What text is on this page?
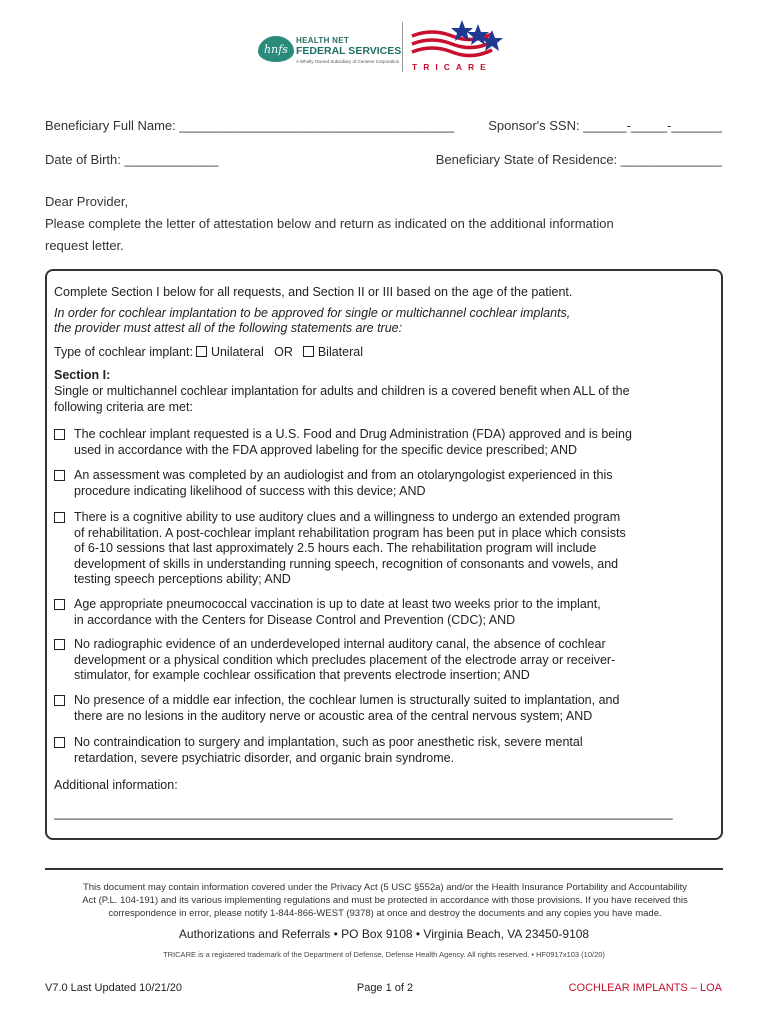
hnfs
HEALTH NET
FEDERAL SERVICES
A Wholly Owned Subsidiary of Centene Corporation
TRICARE
Beneficiary Full Name: ______________________________________	Sponsor's SSN: ______-_____-_______
Date of Birth: _____________	Beneficiary State of Residence: ______________
Dear Provider,
Please complete the letter of attestation below and return as indicated on the additional information
request letter.
Complete Section I below for all requests, and Section II or III based on the age of the patient.
In order for cochlear implantation to be approved for single or multichannel cochlear implants,
the provider must attest all of the following statements are true:
Type of cochlear implant: Unilateral OR Bilateral
Section I:
Single or multichannel cochlear implantation for adults and children is a covered benefit when ALL of the
following criteria are met:
The cochlear implant requested is a U.S. Food and Drug Administration (FDA) approved and is being
used in accordance with the FDA approved labeling for the specific device prescribed; AND
An assessment was completed by an audiologist and from an otolaryngologist experienced in this
procedure indicating likelihood of success with this device; AND
There is a cognitive ability to use auditory clues and a willingness to undergo an extended program
of rehabilitation. A post-cochlear implant rehabilitation program has been put in place which consists
of 6-10 sessions that last approximately 2.5 hours each. The rehabilitation program will include
development of skills in understanding running speech, recognition of consonants and vowels, and
testing speech perceptions ability; AND
Age appropriate pneumococcal vaccination is up to date at least two weeks prior to the implant,
in accordance with the Centers for Disease Control and Prevention (CDC); AND
No radiographic evidence of an underdeveloped internal auditory canal, the absence of cochlear
development or a physical condition which precludes placement of the electrode array or receiver-
stimulator, for example cochlear ossification that prevents electrode insertion; AND
No presence of a middle ear infection, the cochlear lumen is structurally suited to implantation, and
there are no lesions in the auditory nerve or acoustic area of the central nervous system; AND
No contraindication to surgery and implantation, such as poor anesthetic risk, severe mental
retardation, severe psychiatric disorder, and organic brain syndrome.
Additional information:
_________________________________________________________________________________________
This document may contain information covered under the Privacy Act (5 USC §552a) and/or the Health Insurance Portability and Accountability
Act (P.L. 104-191) and its various implementing regulations and must be protected in accordance with those provisions. If you have received this
correspondence in error, please notify 1-844-866-WEST (9378) at once and destroy the documents and any copies you have made.
Authorizations and Referrals • PO Box 9108 • Virginia Beach, VA 23450-9108
TRICARE is a registered trademark of the Department of Defense, Defense Health Agency. All rights reserved. • HF0917x103 (10/20)
V7.0 Last Updated 10/21/20	Page 1 of 2	COCHLEAR IMPLANTS – LOA
